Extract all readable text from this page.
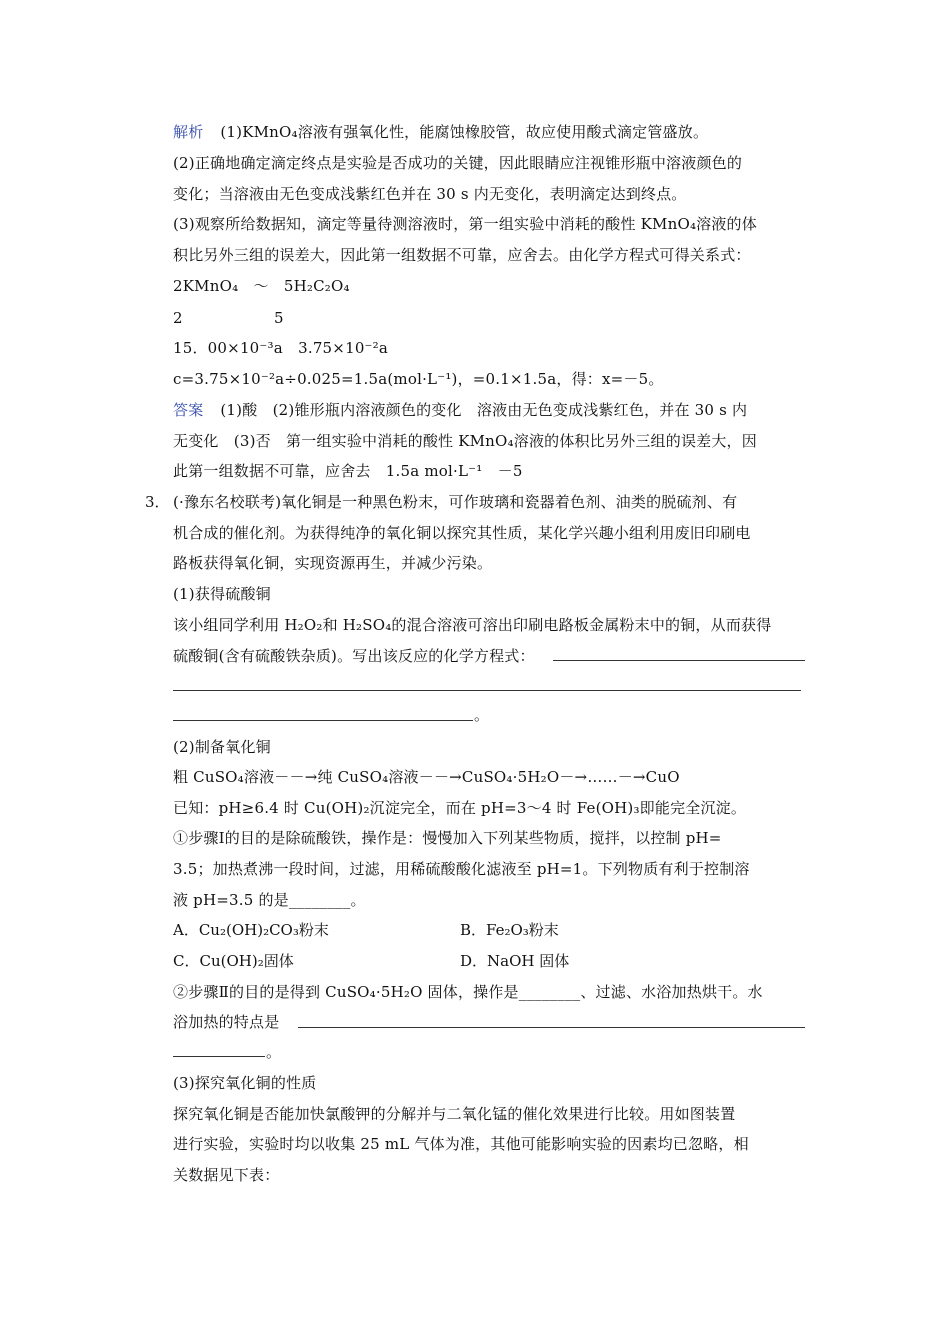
解析 (1)KMnO₄溶液有强氧化性，能腐蚀橡胶管，故应使用酸式滴定管盛放。
(2)正确地确定滴定终点是实验是否成功的关键，因此眼睛应注视锥形瓶中溶液颜色的
变化；当溶液由无色变成浅紫红色并在 30 s 内无变化，表明滴定达到终点。
(3)观察所给数据知，滴定等量待测溶液时，第一组实验中消耗的酸性 KMnO₄溶液的体
积比另外三组的误差大，因此第一组数据不可靠，应舍去。由化学方程式可得关系式：
2KMnO₄　～　5H₂C₂O₄
2　　　　　　5
15．00×10⁻³a　3.75×10⁻²a
c=3.75×10⁻²a÷0.025=1.5a(mol·L⁻¹)，=0.1×1.5a，得：x=－5。
答案 (1)酸　(2)锥形瓶内溶液颜色的变化　溶液由无色变成浅紫红色，并在 30 s 内
无变化　(3)否　第一组实验中消耗的酸性 KMnO₄溶液的体积比另外三组的误差大，因
此第一组数据不可靠，应舍去　1.5a mol·L⁻¹　－5
3． (·豫东名校联考)氧化铜是一种黑色粉末，可作玻璃和瓷器着色剂、油类的脱硫剂、有
机合成的催化剂。为获得纯净的氧化铜以探究其性质，某化学兴趣小组利用废旧印刷电
路板获得氧化铜，实现资源再生，并减少污染。
(1)获得硫酸铜
该小组同学利用 H₂O₂和 H₂SO₄的混合溶液可溶出印刷电路板金属粉末中的铜，从而获得
硫酸铜(含有硫酸铁杂质)。写出该反应的化学方程式：
。
(2)制备氧化铜
粗 CuSO₄溶液－－→纯 CuSO₄溶液－－→CuSO₄·5H₂O－→……－→CuO
已知：pH≥6.4 时 Cu(OH)₂沉淀完全，而在 pH=3～4 时 Fe(OH)₃即能完全沉淀。
①步骤Ⅰ的目的是除硫酸铁，操作是：慢慢加入下列某些物质，搅拌，以控制 pH=
3.5；加热煮沸一段时间，过滤，用稀硫酸酸化滤液至 pH=1。下列物质有利于控制溶
液 pH=3.5 的是________。
A．Cu₂(OH)₂CO₃粉末	B．Fe₂O₃粉末
C．Cu(OH)₂固体	D．NaOH 固体
②步骤Ⅱ的目的是得到 CuSO₄·5H₂O 固体，操作是________、过滤、水浴加热烘干。水
浴加热的特点是
。
(3)探究氧化铜的性质
探究氧化铜是否能加快氯酸钾的分解并与二氧化锰的催化效果进行比较。用如图装置
进行实验，实验时均以收集 25 mL 气体为准，其他可能影响实验的因素均已忽略，相
关数据见下表：
